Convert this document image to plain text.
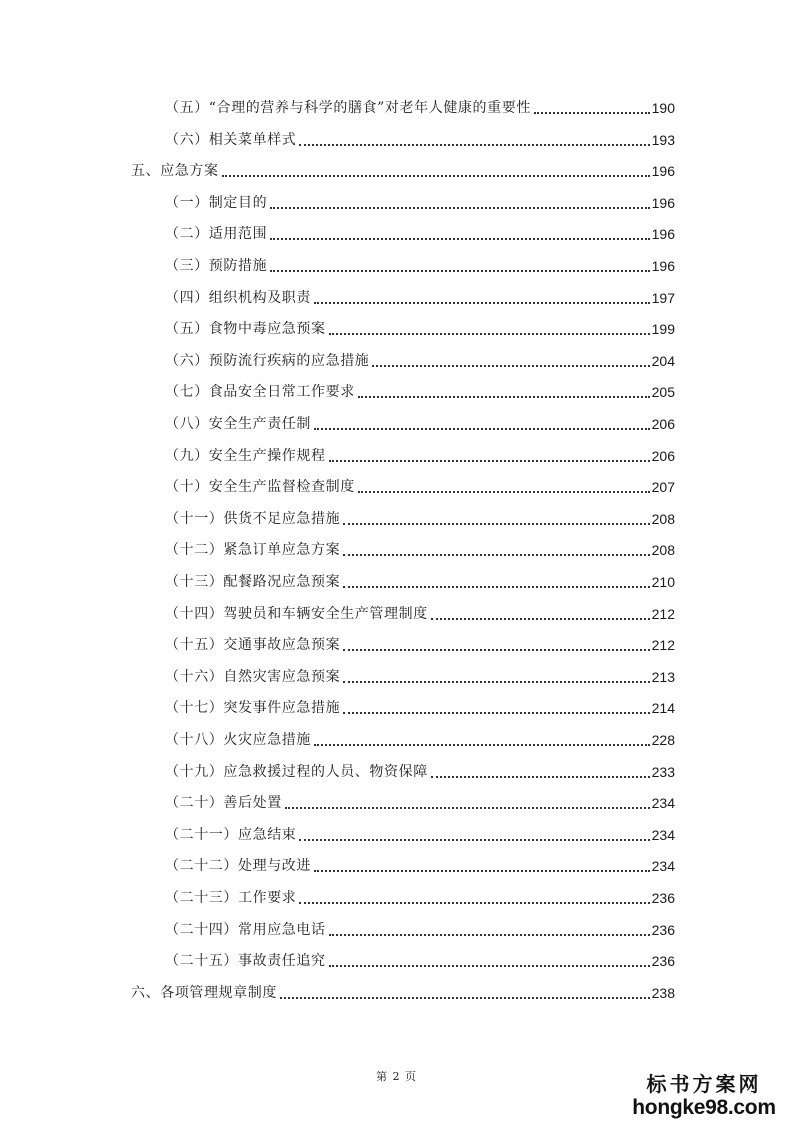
（五）“合理的营养与科学的膳食”对老年人健康的重要性	190
（六）相关菜单样式	193
五、应急方案	196
（一）制定目的	196
（二）适用范围	196
（三）预防措施	196
（四）组织机构及职责	197
（五）食物中毒应急预案	199
（六）预防流行疾病的应急措施	204
（七）食品安全日常工作要求	205
（八）安全生产责任制	206
（九）安全生产操作规程	206
（十）安全生产监督检查制度	207
（十一）供货不足应急措施	208
（十二）紧急订单应急方案	208
（十三）配餐路况应急预案	210
（十四）驾驶员和车辆安全生产管理制度	212
（十五）交通事故应急预案	212
（十六）自然灾害应急预案	213
（十七）突发事件应急措施	214
（十八）火灾应急措施	228
（十九）应急救援过程的人员、物资保障	233
（二十）善后处置	234
（二十一）应急结束	234
（二十二）处理与改进	234
（二十三）工作要求	236
（二十四）常用应急电话	236
（二十五）事故责任追究	236
六、各项管理规章制度	238
第 2 页	标书方案网
hongke98.com
